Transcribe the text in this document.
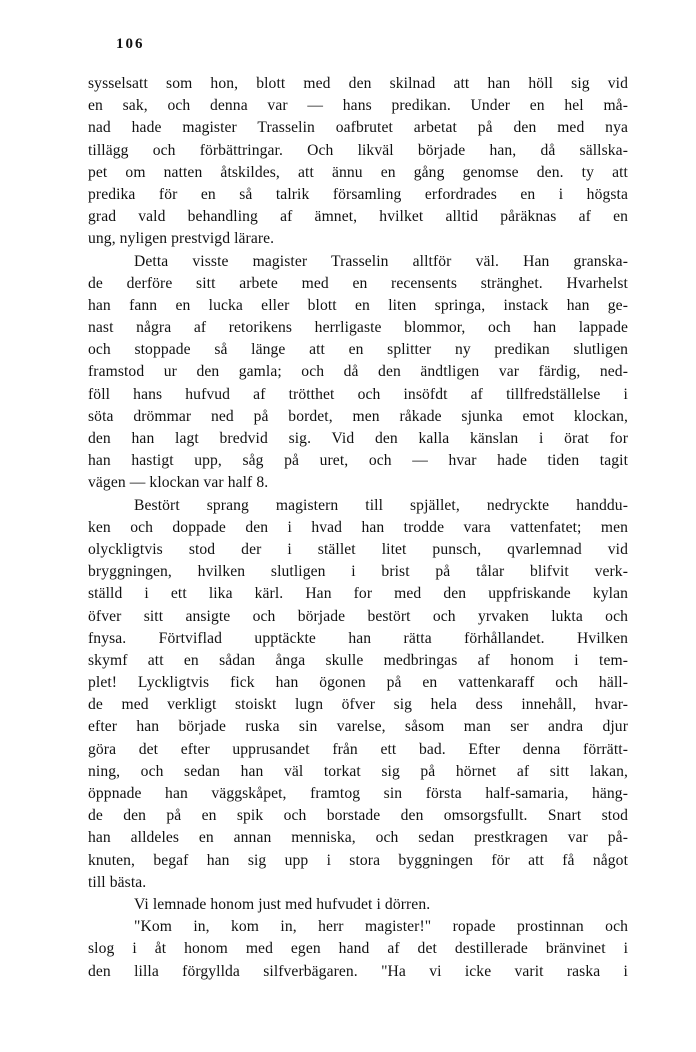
106
sysselsatt som hon, blott med den skilnad att han höll sig vid
en sak, och denna var — hans predikan. Under en hel må-
nad hade magister Trasselin oafbrutet arbetat på den med nya
tillägg och förbättringar. Och likväl började han, då sällska-
pet om natten åtskildes, att ännu en gång genomse den. ty att
predika för en så talrik församling erfordrades en i högsta
grad vald behandling af ämnet, hvilket alltid påräknas af en
ung, nyligen prestvigd lärare.
Detta visste magister Trasselin alltför väl. Han granska-
de derföre sitt arbete med en recensents stränghet. Hvarhelst
han fann en lucka eller blott en liten springa, instack han ge-
nast några af retorikens herrligaste blommor, och han lappade
och stoppade så länge att en splitter ny predikan slutligen
framstod ur den gamla; och då den ändtligen var färdig, ned-
föll hans hufvud af trötthet och insöfdt af tillfredställelse i
söta drömmar ned på bordet, men råkade sjunka emot klockan,
den han lagt bredvid sig. Vid den kalla känslan i örat for
han hastigt upp, såg på uret, och — hvar hade tiden tagit
vägen — klockan var half 8.
Bestört sprang magistern till spjället, nedryckte handdu-
ken och doppade den i hvad han trodde vara vattenfatet; men
olyckligtvis stod der i stället litet punsch, qvarlemnad vid
bryggningen, hvilken slutligen i brist på tålar blifvit verk-
ställd i ett lika kärl. Han for med den uppfriskande kylan
öfver sitt ansigte och började bestört och yrvaken lukta och
fnysa. Förtviflad upptäckte han rätta förhållandet. Hvilken
skymf att en sådan ånga skulle medbringas af honom i tem-
plet! Lyckligtvis fick han ögonen på en vattenkaraff och häll-
de med verkligt stoiskt lugn öfver sig hela dess innehåll, hvar-
efter han började ruska sin varelse, såsom man ser andra djur
göra det efter upprusandet från ett bad. Efter denna förrätt-
ning, och sedan han väl torkat sig på hörnet af sitt lakan,
öppnade han väggskåpet, framtog sin första half-samaria, häng-
de den på en spik och borstade den omsorgsfullt. Snart stod
han alldeles en annan menniska, och sedan prestkragen var på-
knuten, begaf han sig upp i stora byggningen för att få något
till bästa.
Vi lemnade honom just med hufvudet i dörren.
"Kom in, kom in, herr magister!" ropade prostinnan och
slog i åt honom med egen hand af det destillerade bränvinet i
den lilla förgyllda silfverbägaren. "Ha vi icke varit raska i
